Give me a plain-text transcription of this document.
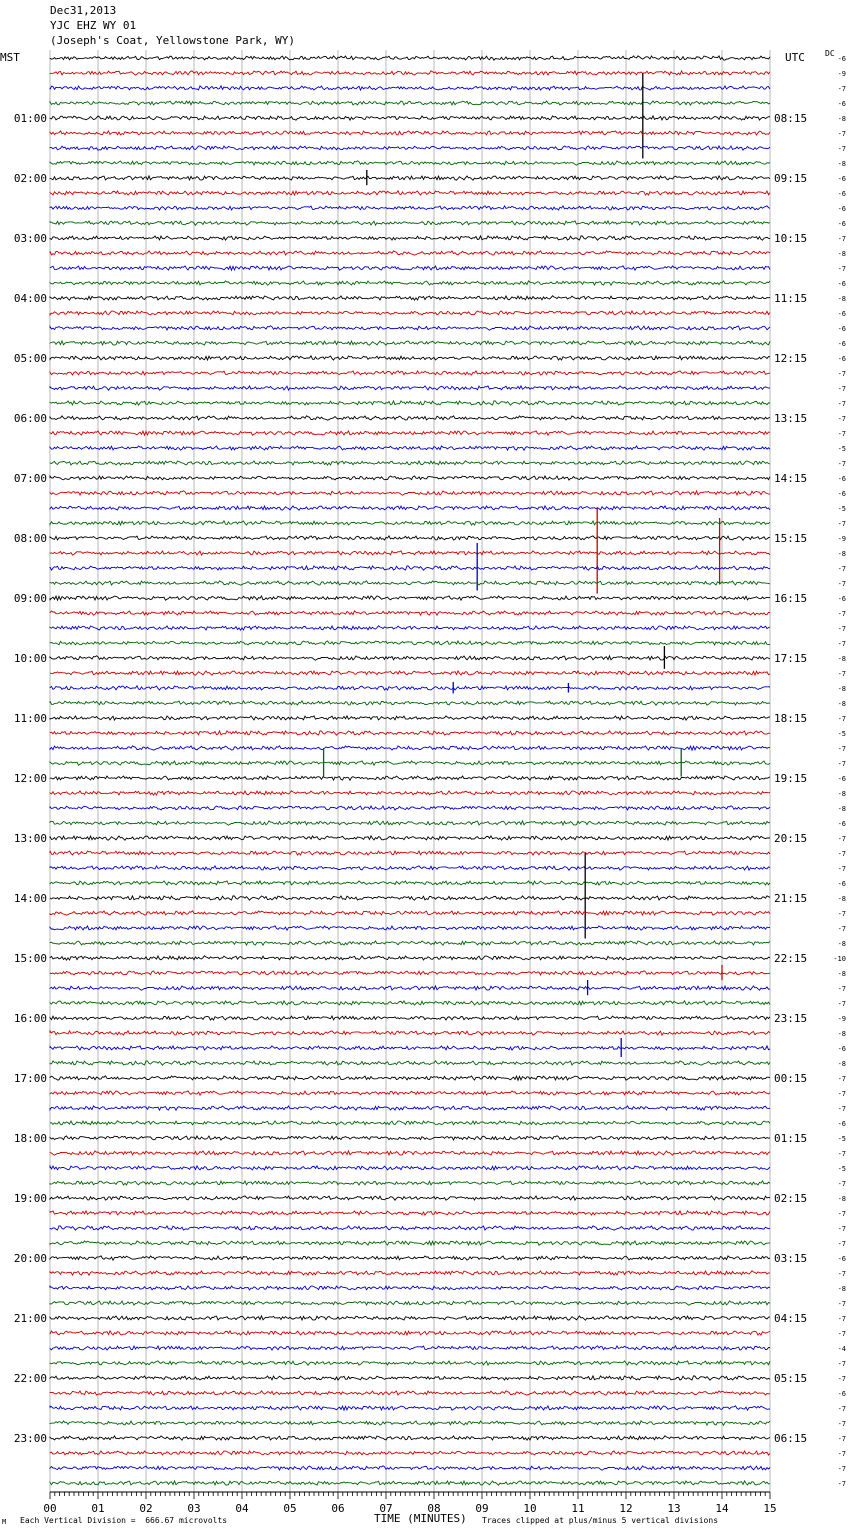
Dec31,2013
YJC EHZ WY 01
(Joseph's Coat, Yellowstone Park, WY)
MST	UTC	DC
-6
-9
-7
-6
-8
-7
-7
-8
-6
-6
-6
-6
-7
-8
-7
-6
-8
-6
-6
-6
-6
-7
-7
-7
-7
-7
-5
-7
-6
-6
-5
-7
-9
-8
-7
-7
-6
-7
-7
-7
-8
-7
-8
-8
-7
-5
-7
-7
-6
-8
-8
-6
-7
-7
-7
-6
-8
-7
-7
-8
-10
-8
-7
-7
-9
-8
-6
-8
-7
-7
-7
-6
-5
-7
-5
-7
-8
-7
-7
-7
-6
-7
-8
-7
-7
-7
-4
-7
-7
-6
-7
-7
-7
-7
-7
-7
01:00
02:00
03:00
04:00
05:00
06:00
07:00
08:00
09:00
10:00
11:00
12:00
13:00
14:00
15:00
16:00
17:00
18:00
19:00
20:00
21:00
22:00
23:00
08:15
09:15
10:15
11:15
12:15
13:15
14:15
15:15
16:15
17:15
18:15
19:15
20:15
21:15
22:15
23:15
00:15
01:15
02:15
03:15
04:15
05:15
06:15
00	01	02	03	04	05	06	07	08	09	10	11	12	13	14	15
M Each Vertical Division =  666.67 microvolts	TIME (MINUTES) Traces clipped at plus/minus 5 vertical divisions
